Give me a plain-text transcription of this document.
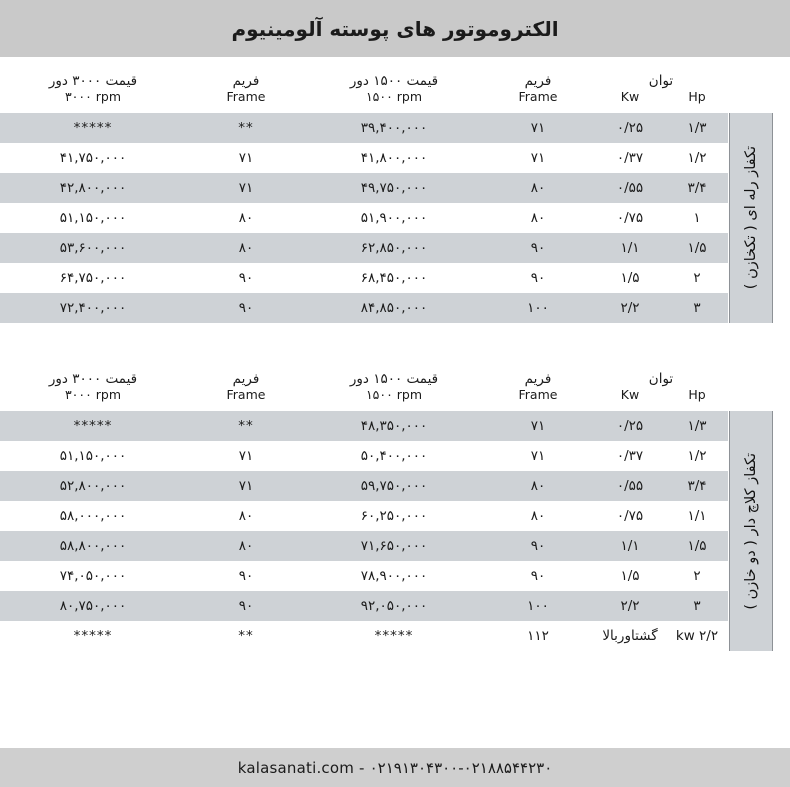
الکتروموتور های پوسته آلومینیوم
توان		فریم	قیمت ۱۵۰۰ دور	فریم	قیمت ۳۰۰۰ دور
Hp	Kw	Frame	۱۵۰۰ rpm	Frame	۳۰۰۰ rpm
۱/۳	۰/۲۵	۷۱	۳۹,۴۰۰,۰۰۰	**	*****
۱/۲	۰/۳۷	۷۱	۴۱,۸۰۰,۰۰۰	۷۱	۴۱,۷۵۰,۰۰۰
۳/۴	۰/۵۵	۸۰	۴۹,۷۵۰,۰۰۰	۷۱	۴۲,۸۰۰,۰۰۰
۱	۰/۷۵	۸۰	۵۱,۹۰۰,۰۰۰	۸۰	۵۱,۱۵۰,۰۰۰
۱/۵	۱/۱	۹۰	۶۲,۸۵۰,۰۰۰	۸۰	۵۳,۶۰۰,۰۰۰
۲	۱/۵	۹۰	۶۸,۴۵۰,۰۰۰	۹۰	۶۴,۷۵۰,۰۰۰
۳	۲/۲	۱۰۰	۸۴,۸۵۰,۰۰۰	۹۰	۷۲,۴۰۰,۰۰۰
تکفاز رله ای ( تکخازن )
توان		فریم	قیمت ۱۵۰۰ دور	فریم	قیمت ۳۰۰۰ دور
Hp	Kw	Frame	۱۵۰۰ rpm	Frame	۳۰۰۰ rpm
۱/۳	۰/۲۵	۷۱	۴۸,۳۵۰,۰۰۰	**	*****
۱/۲	۰/۳۷	۷۱	۵۰,۴۰۰,۰۰۰	۷۱	۵۱,۱۵۰,۰۰۰
۳/۴	۰/۵۵	۸۰	۵۹,۷۵۰,۰۰۰	۷۱	۵۲,۸۰۰,۰۰۰
۱/۱	۰/۷۵	۸۰	۶۰,۲۵۰,۰۰۰	۸۰	۵۸,۰۰۰,۰۰۰
۱/۵	۱/۱	۹۰	۷۱,۶۵۰,۰۰۰	۸۰	۵۸,۸۰۰,۰۰۰
۲	۱/۵	۹۰	۷۸,۹۰۰,۰۰۰	۹۰	۷۴,۰۵۰,۰۰۰
۳	۲/۲	۱۰۰	۹۲,۰۵۰,۰۰۰	۹۰	۸۰,۷۵۰,۰۰۰
۲/۲ kw	گشتاوربالا	۱۱۲	*****	**	*****
تکفاز کلاچ دار ( دو خازن )
kalasanati.com - ۰۲۱۹۱۳۰۴۳۰۰-۰۲۱۸۸۵۴۴۲۳۰
